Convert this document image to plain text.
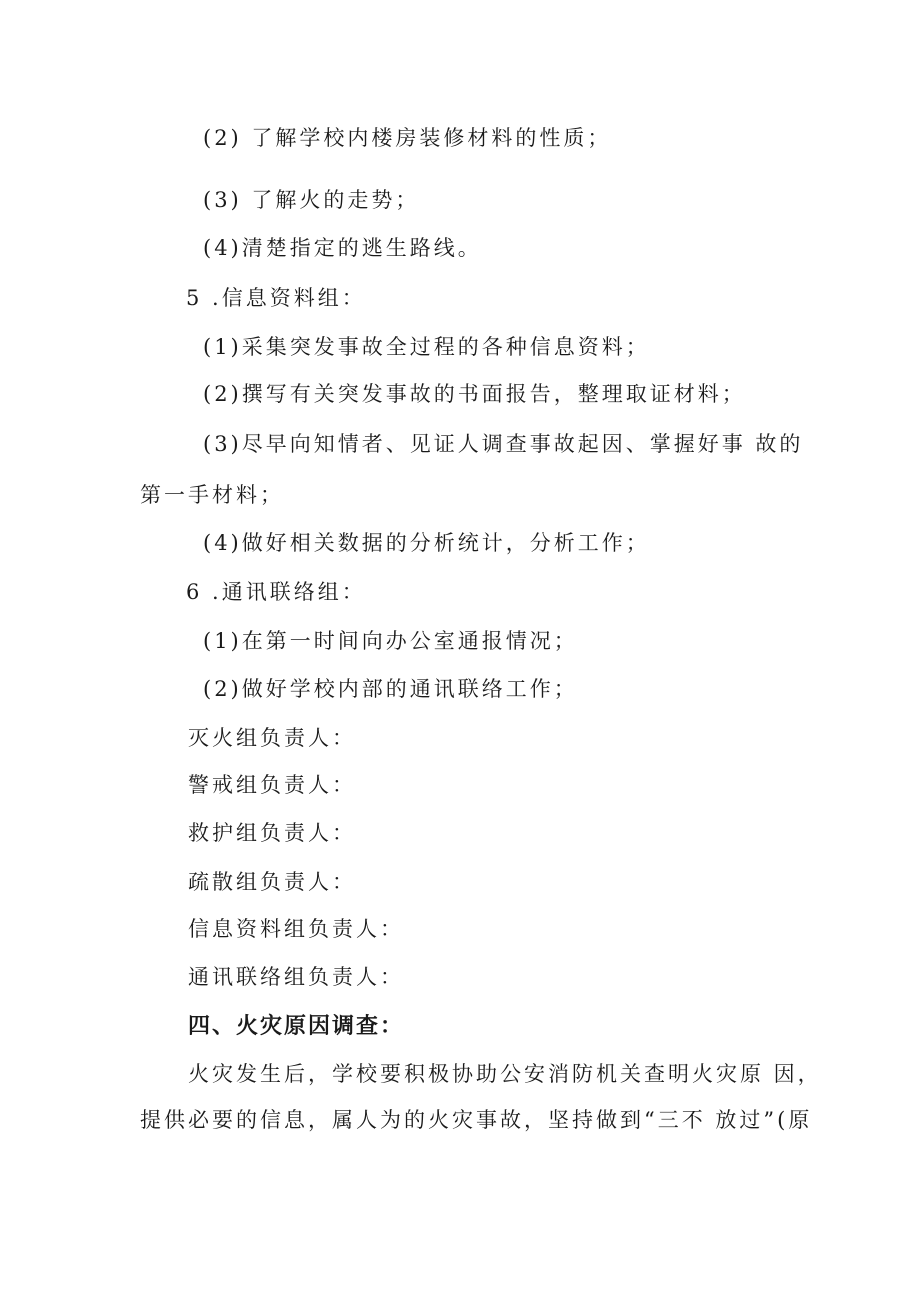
(2) 了解学校内楼房装修材料的性质；
(3) 了解火的走势；
(4)清楚指定的逃生路线。
5 .信息资料组：
(1)采集突发事故全过程的各种信息资料；
(2)撰写有关突发事故的书面报告，整理取证材料；
(3)尽早向知情者、见证人调查事故起因、掌握好事 故的
第一手材料；
(4)做好相关数据的分析统计，分析工作；
6 .通讯联络组：
(1)在第一时间向办公室通报情况；
(2)做好学校内部的通讯联络工作；
灭火组负责人：
警戒组负责人：
救护组负责人：
疏散组负责人：
信息资料组负责人：
通讯联络组负责人：
四、火灾原因调查：
火灾发生后，学校要积极协助公安消防机关查明火灾原 因，
提供必要的信息，属人为的火灾事故，坚持做到“三不 放过”(原
